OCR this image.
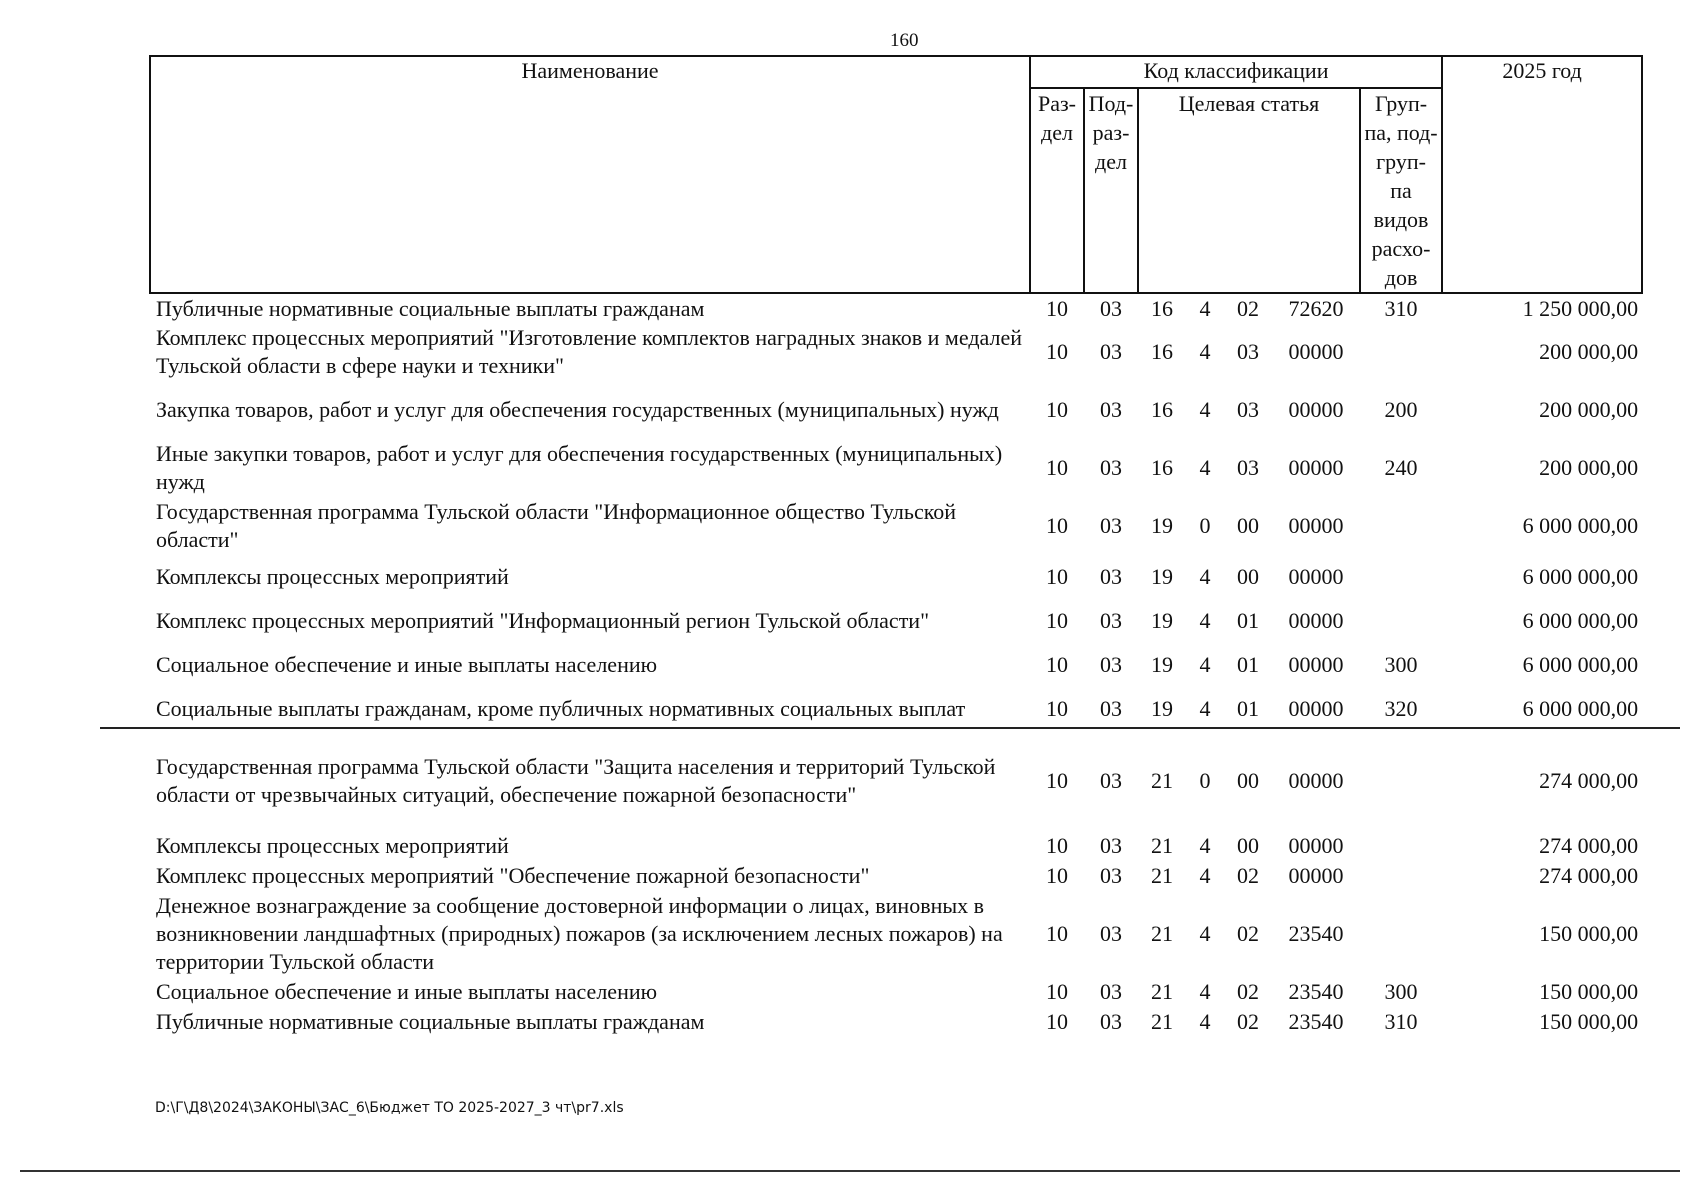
160
Наименование	Код классификации							2025 год
	Раз- дел	Под- раз- дел	Целевая статья				Груп- па, под- груп- па видов расхо- дов	
Публичные нормативные социальные выплаты гражданам	10	03	16	4	02	72620	310	1 250 000,00
Комплекс процессных мероприятий "Изготовление комплектов наградных знаков и медалей Тульской области в сфере науки и техники"	10	03	16	4	03	00000		200 000,00
Закупка товаров, работ и услуг для обеспечения государственных (муниципальных) нужд	10	03	16	4	03	00000	200	200 000,00
Иные закупки товаров, работ и услуг для обеспечения государственных (муниципальных) нужд	10	03	16	4	03	00000	240	200 000,00
Государственная программа Тульской области "Информационное общество Тульской области"	10	03	19	0	00	00000		6 000 000,00
Комплексы процессных мероприятий	10	03	19	4	00	00000		6 000 000,00
Комплекс процессных мероприятий "Информационный регион Тульской области"	10	03	19	4	01	00000		6 000 000,00
Социальное обеспечение и иные выплаты населению	10	03	19	4	01	00000	300	6 000 000,00
Социальные выплаты гражданам, кроме публичных нормативных социальных выплат	10	03	19	4	01	00000	320	6 000 000,00
Государственная программа Тульской области "Защита населения и территорий Тульской области от чрезвычайных ситуаций, обеспечение пожарной безопасности"	10	03	21	0	00	00000		274 000,00
Комплексы процессных мероприятий	10	03	21	4	00	00000		274 000,00
Комплекс процессных мероприятий "Обеспечение пожарной безопасности"	10	03	21	4	02	00000		274 000,00
Денежное вознаграждение за сообщение достоверной информации о лицах, виновных в возникновении ландшафтных (природных) пожаров (за исключением лесных пожаров) на территории Тульской области	10	03	21	4	02	23540		150 000,00
Социальное обеспечение и иные выплаты населению	10	03	21	4	02	23540	300	150 000,00
Публичные нормативные социальные выплаты гражданам	10	03	21	4	02	23540	310	150 000,00
D:\Г\Д8\2024\ЗАКОНЫ\ЗАС_6\Бюджет ТО 2025-2027_3 чт\pr7.xls
